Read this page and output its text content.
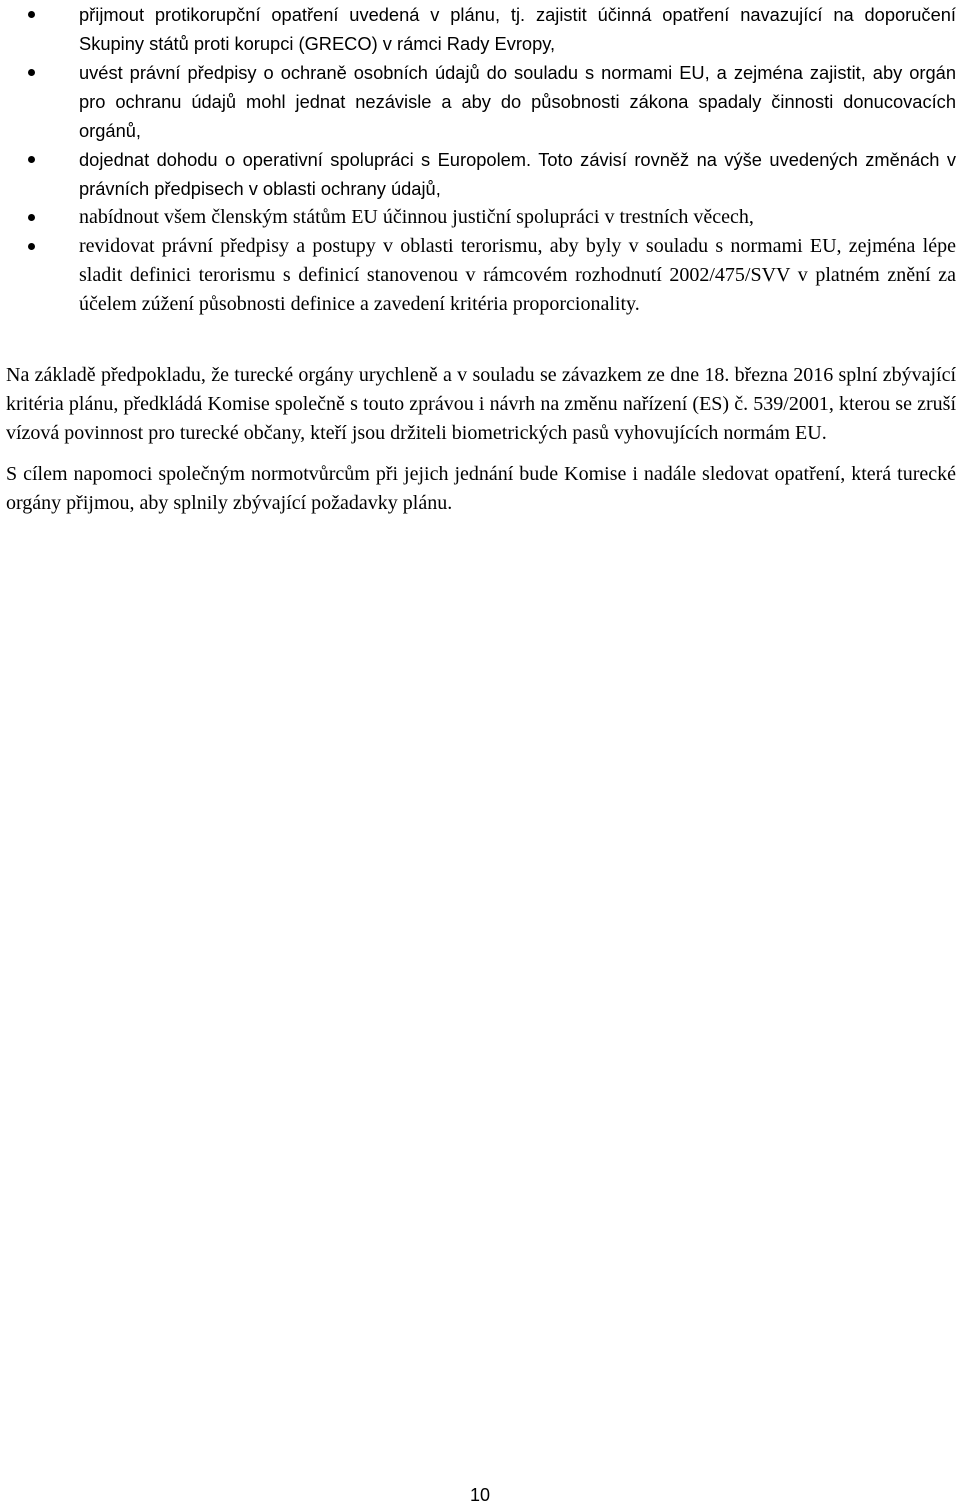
přijmout protikorupční opatření uvedená v plánu, tj. zajistit účinná opatření navazující na doporučení Skupiny států proti korupci (GRECO) v rámci Rady Evropy,
uvést právní předpisy o ochraně osobních údajů do souladu s normami EU, a zejména zajistit, aby orgán pro ochranu údajů mohl jednat nezávisle a aby do působnosti zákona spadaly činnosti donucovacích orgánů,
dojednat dohodu o operativní spolupráci s Europolem. Toto závisí rovněž na výše uvedených změnách v právních předpisech v oblasti ochrany údajů,
nabídnout všem členským státům EU účinnou justiční spolupráci v trestních věcech,
revidovat právní předpisy a postupy v oblasti terorismu, aby byly v souladu s normami EU, zejména lépe sladit definici terorismu s definicí stanovenou v rámcovém rozhodnutí 2002/475/SVV v platném znění za účelem zúžení působnosti definice a zavedení kritéria proporcionality.

Na základě předpokladu, že turecké orgány urychleně a v souladu se závazkem ze dne 18. března 2016 splní zbývající kritéria plánu, předkládá Komise společně s touto zprávou i návrh na změnu nařízení (ES) č. 539/2001, kterou se zruší vízová povinnost pro turecké občany, kteří jsou držiteli biometrických pasů vyhovujících normám EU.

S cílem napomoci společným normotvůrcům při jejich jednání bude Komise i nadále sledovat opatření, která turecké orgány přijmou, aby splnily zbývající požadavky plánu.

10
